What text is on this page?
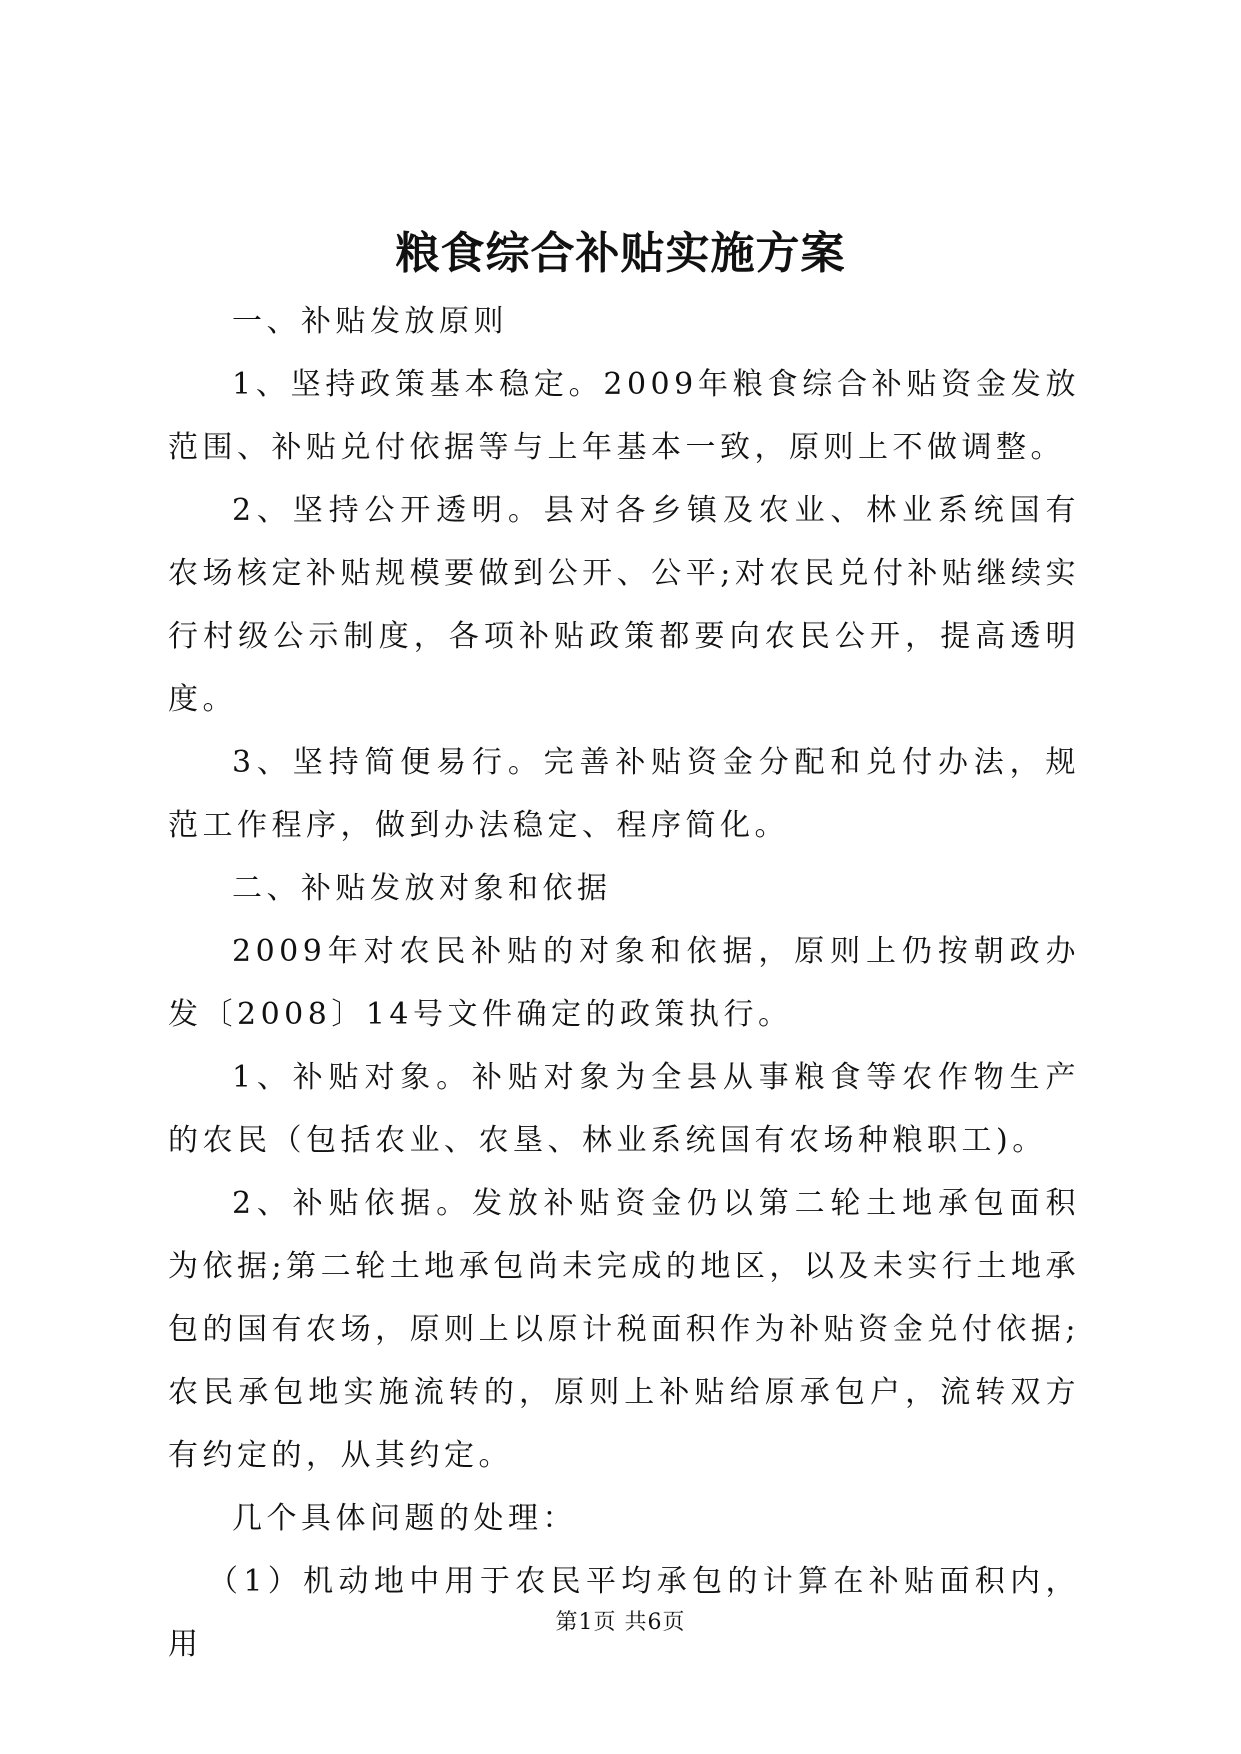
粮食综合补贴实施方案

一、补贴发放原则

1、坚持政策基本稳定。2009年粮食综合补贴资金发放范围、补贴兑付依据等与上年基本一致，原则上不做调整。

2、坚持公开透明。县对各乡镇及农业、林业系统国有农场核定补贴规模要做到公开、公平;对农民兑付补贴继续实行村级公示制度，各项补贴政策都要向农民公开，提高透明度。

3、坚持简便易行。完善补贴资金分配和兑付办法，规范工作程序，做到办法稳定、程序简化。

二、补贴发放对象和依据

2009年对农民补贴的对象和依据，原则上仍按朝政办发〔2008〕14号文件确定的政策执行。

1、补贴对象。补贴对象为全县从事粮食等农作物生产的农民（包括农业、农垦、林业系统国有农场种粮职工)。

2、补贴依据。发放补贴资金仍以第二轮土地承包面积为依据;第二轮土地承包尚未完成的地区，以及未实行土地承包的国有农场，原则上以原计税面积作为补贴资金兑付依据;农民承包地实施流转的，原则上补贴给原承包户，流转双方有约定的，从其约定。

几个具体问题的处理：

（1）机动地中用于农民平均承包的计算在补贴面积内，用

第1页 共6页
